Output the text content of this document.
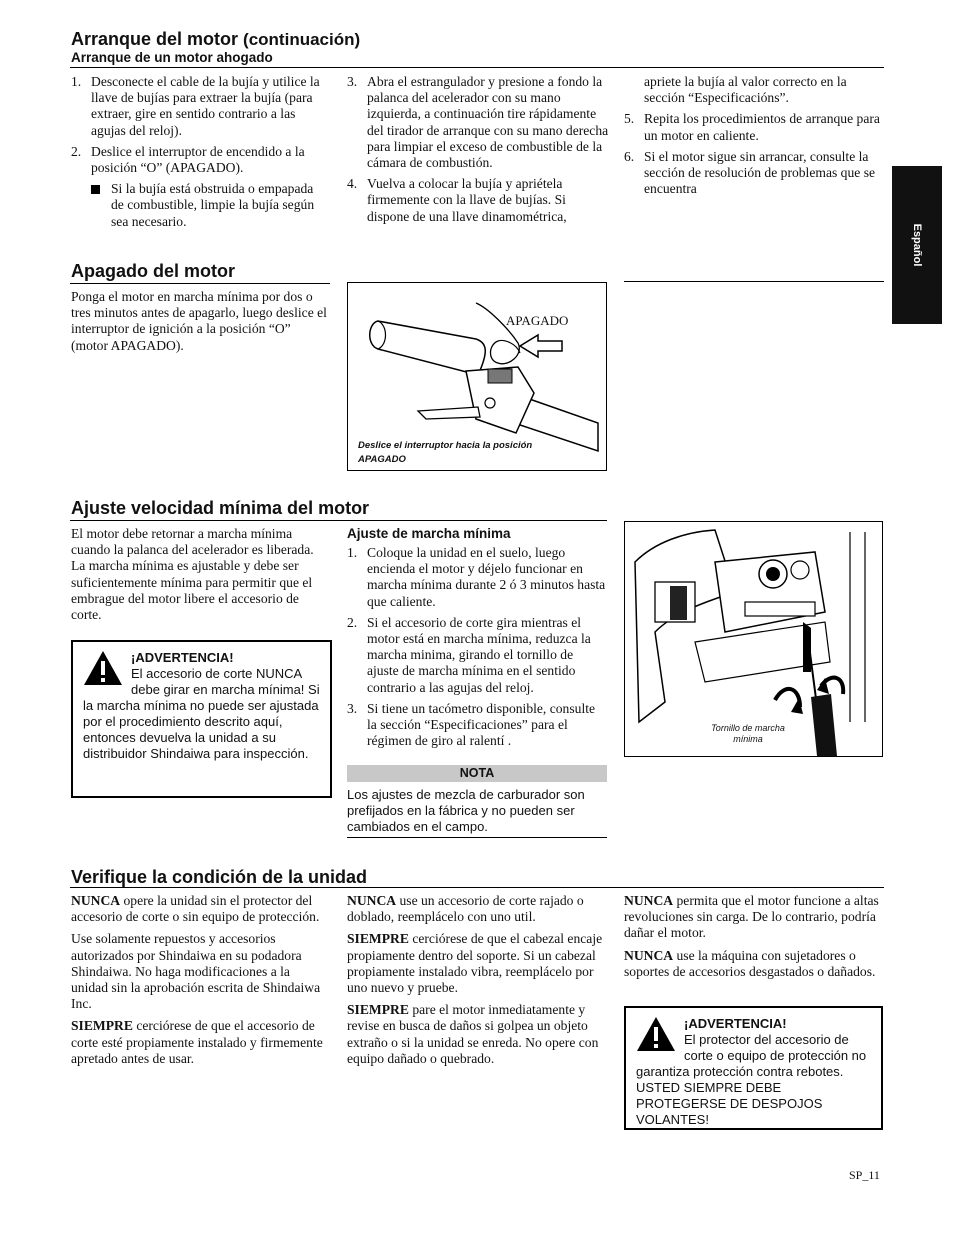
Español
Arranque del motor (continuación)
Arranque de un motor ahogado
1. Desconecte el cable de la bujía y utilice la llave de bujías para extraer la bujía (para extraer, gire en sentido contrario a las agujas del reloj).
2. Deslice el interruptor de encendido a la posición “O” (APAGADO).
Si la bujía está obstruida o empapada de combustible, limpie la bujía según sea necesario.
3. Abra el estrangulador y presione a fondo la palanca del acelerador con su mano izquierda, a continuación tire rápidamente del tirador de arranque con su mano derecha para limpiar el exceso de combustible de la cámara de combustión.
4. Vuelva a colocar la bujía y apriétela firmemente con la llave de bujías. Si dispone de una llave dinamométrica,

apriete la bujía al valor correcto en la sección “Especificacións”.

5. Repita los procedimientos de arranque para un motor en caliente.
6. Si el motor sigue sin arrancar, consulte la sección de resolución de problemas que se encuentra
Apagado del motor
Ponga el motor en marcha mínima por dos o tres minutos antes de apagarlo, luego deslice el interruptor de ignición a la posición “O” (motor APAGADO).
APAGADO
Deslice el interruptor hacia la posición APAGADO
Ajuste velocidad mínima del motor
El motor debe retornar a marcha mínima cuando la palanca del acelerador es liberada. La marcha mínima es ajustable y debe ser suficientemente mínima para permitir que el embrague del motor libere el accesorio de corte.
¡ADVERTENCIA!
El accesorio de corte NUNCA debe girar en marcha mínima! Si la marcha mínima no puede ser ajustada por el procedimiento descrito aquí, entonces devuelva la unidad a su distribuidor Shindaiwa para inspección.
Ajuste de marcha mínima
1. Coloque la unidad en el suelo, luego encienda el motor y déjelo funcionar en marcha mínima durante 2 ó 3 minutos hasta que caliente.
2. Si el accesorio de corte gira mientras el motor está en marcha mínima, reduzca la marcha minima, girando el tornillo de ajuste de marcha mínima en el sentido contrario a las agujas del reloj.
3. Si tiene un tacómetro disponible, consulte la sección “Especificaciones” para el régimen de giro al ralentí .
NOTA
Los ajustes de mezcla de carburador son prefijados en la fábrica y no pueden ser cambiados en el campo.
Tornillo de marcha mínima
Verifique la condición de la unidad

NUNCA opere la unidad sin el protector del accesorio de corte o sin equipo de protección.

Use solamente repuestos y accesorios autorizados por Shindaiwa en su podadora Shindaiwa. No haga modificaciones a la unidad sin la aprobación escrita de Shindaiwa Inc.

SIEMPRE cerciórese de que el accesorio de corte esté propiamente instalado y firmemente apretado antes de usar.

NUNCA use un accesorio de corte rajado o doblado, reemplácelo con uno util.

SIEMPRE cerciórese de que el cabezal encaje propiamente dentro del soporte. Si un cabezal propiamente instalado vibra, reemplácelo por uno nuevo y pruebe.

SIEMPRE pare el motor inmediatamente y revise en busca de daños si golpea un objeto extraño o si la unidad se enreda. No opere con equipo dañado o quebrado.

NUNCA permita que el motor funcione a altas revoluciones sin carga. De lo contrario, podría dañar el motor.

NUNCA use la máquina con sujetadores o soportes de accesorios desgastados o dañados.

¡ADVERTENCIA!
El protector del accesorio de corte o equipo de protección no garantiza protección contra rebotes. USTED SIEMPRE DEBE PROTEGERSE DE DESPOJOS VOLANTES!
SP_11
